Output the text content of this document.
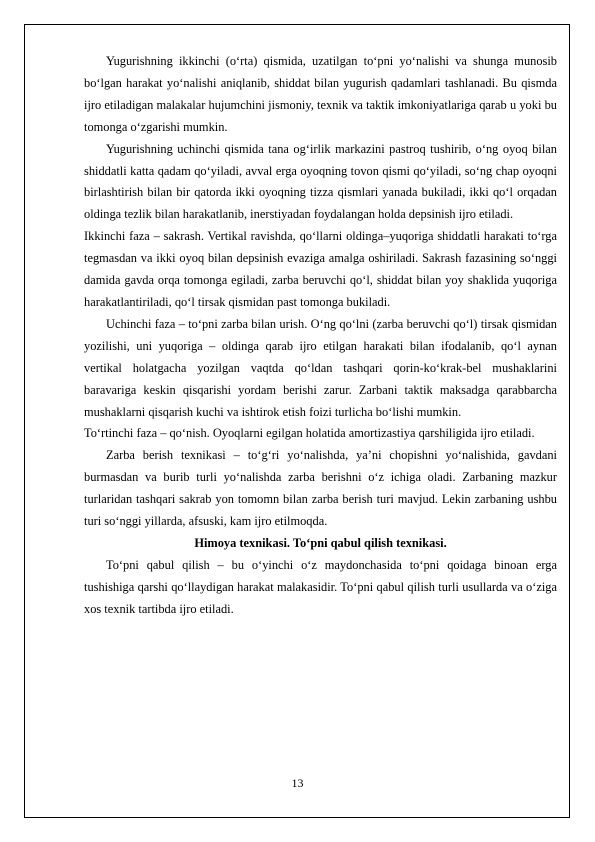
Yugurishning ikkinchi (o‘rta) qismida, uzatilgan to‘pni yo‘nalishi va shunga munosib bo‘lgan harakat yo‘nalishi aniqlanib, shiddat bilan yugurish qadamlari tashlanadi. Bu qismda ijro etiladigan malakalar hujumchini jismoniy, texnik va taktik imkoniyatlariga qarab u yoki bu tomonga o‘zgarishi mumkin.

Yugurishning uchinchi qismida tana og‘irlik markazini pastroq tushirib, o‘ng oyoq bilan shiddatli katta qadam qo‘yiladi, avval erga oyoqning tovon qismi qo‘yiladi, so‘ng chap oyoqni birlashtirish bilan bir qatorda ikki oyoqning tizza qismlari yanada bukiladi, ikki qo‘l orqadan oldinga tezlik bilan harakatlanib, inerstiyadan foydalangan holda depsinish ijro etiladi.

Ikkinchi faza – sakrash. Vertikal ravishda, qo‘llarni oldinga–yuqoriga shiddatli harakati to‘rga tegmasdan va ikki oyoq bilan depsinish evaziga amalga oshiriladi. Sakrash fazasining so‘nggi damida gavda orqa tomonga egiladi, zarba beruvchi qo‘l, shiddat bilan yoy shaklida yuqoriga harakatlantiriladi, qo‘l tirsak qismidan past tomonga bukiladi.

Uchinchi faza – to‘pni zarba bilan urish. O‘ng qo‘lni (zarba beruvchi qo‘l) tirsak qismidan yozilishi, uni yuqoriga – oldinga qarab ijro etilgan harakati bilan ifodalanib, qo‘l aynan vertikal holatgacha yozilgan vaqtda qo‘ldan tashqari qorin-ko‘krak-bel mushaklarini baravariga keskin qisqarishi yordam berishi zarur. Zarbani taktik maksadga qarabbarcha mushaklarni qisqarish kuchi va ishtirok etish foizi turlicha bo‘lishi mumkin.

To‘rtinchi faza – qo‘nish. Oyoqlarni egilgan holatida amortizastiya qarshiligida ijro etiladi.

Zarba berish texnikasi – to‘g‘ri yo‘nalishda, ya’ni chopishni yo‘nalishida, gavdani burmasdan va burib turli yo‘nalishda zarba berishni o‘z ichiga oladi. Zarbaning mazkur turlaridan tashqari sakrab yon tomomn bilan zarba berish turi mavjud. Lekin zarbaning ushbu turi so‘nggi yillarda, afsuski, kam ijro etilmoqda.

Himoya texnikasi. To‘pni qabul qilish texnikasi.

To‘pni qabul qilish – bu o‘yinchi o‘z maydonchasida to‘pni qoidaga binoan erga tushishiga qarshi qo‘llaydigan harakat malakasidir. To‘pni qabul qilish turli usullarda va o‘ziga xos texnik tartibda ijro etiladi.

13
